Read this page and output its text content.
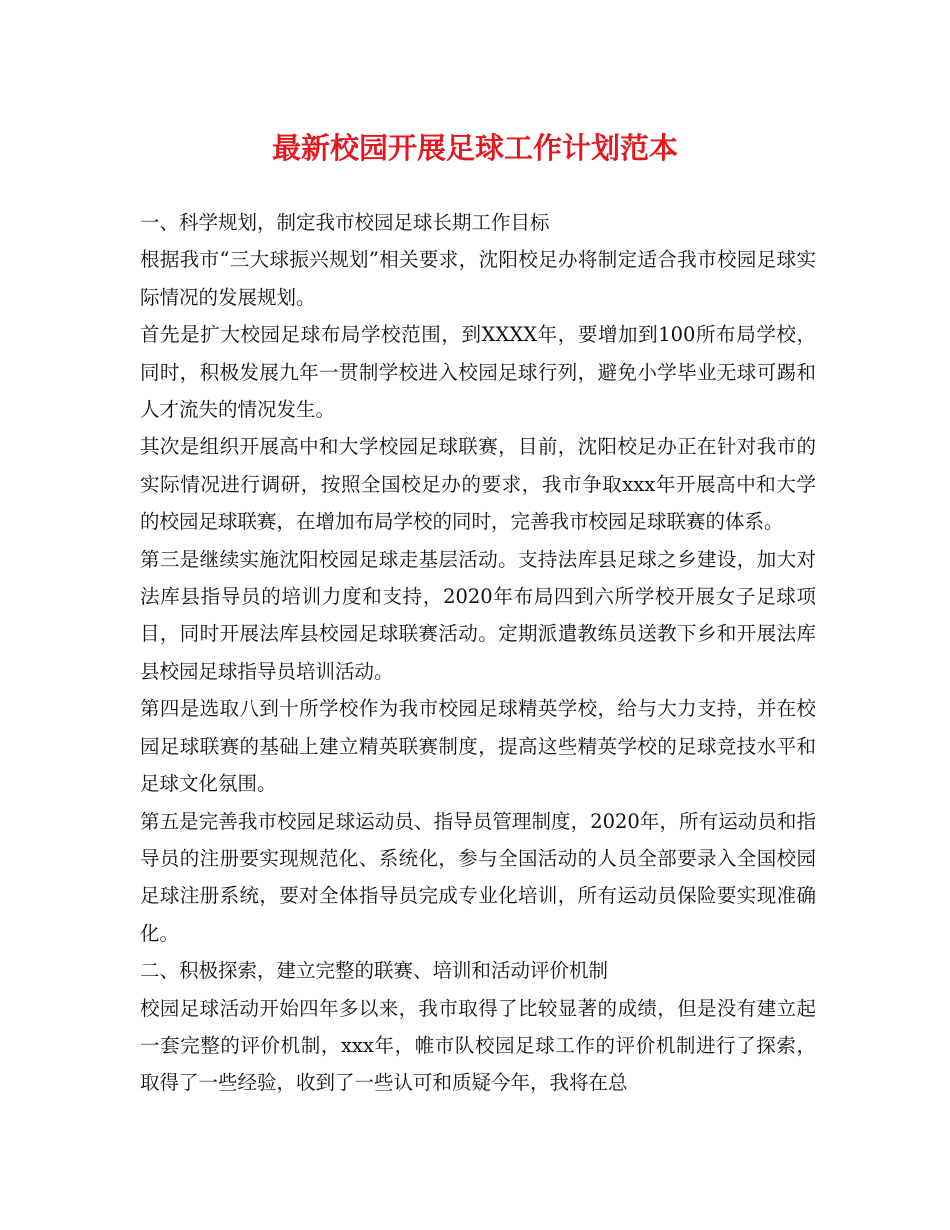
最新校园开展足球工作计划范本

一、科学规划，制定我市校园足球长期工作目标

根据我市“三大球振兴规划”相关要求，沈阳校足办将制定适合我市校园足球实际情况的发展规划。

首先是扩大校园足球布局学校范围，到XXXX年，要增加到100所布局学校，同时，积极发展九年一贯制学校进入校园足球行列，避免小学毕业无球可踢和人才流失的情况发生。

其次是组织开展高中和大学校园足球联赛，目前，沈阳校足办正在针对我市的实际情况进行调研，按照全国校足办的要求，我市争取xxx年开展高中和大学的校园足球联赛，在增加布局学校的同时，完善我市校园足球联赛的体系。

第三是继续实施沈阳校园足球走基层活动。支持法库县足球之乡建设，加大对法库县指导员的培训力度和支持，2020年布局四到六所学校开展女子足球项目，同时开展法库县校园足球联赛活动。定期派遣教练员送教下乡和开展法库县校园足球指导员培训活动。

第四是选取八到十所学校作为我市校园足球精英学校，给与大力支持，并在校园足球联赛的基础上建立精英联赛制度，提高这些精英学校的足球竞技水平和足球文化氛围。

第五是完善我市校园足球运动员、指导员管理制度，2020年，所有运动员和指导员的注册要实现规范化、系统化，参与全国活动的人员全部要录入全国校园足球注册系统，要对全体指导员完成专业化培训，所有运动员保险要实现准确化。

二、积极探索，建立完整的联赛、培训和活动评价机制

校园足球活动开始四年多以来，我市取得了比较显著的成绩，但是没有建立起一套完整的评价机制，xxx年，帷市队校园足球工作的评价机制进行了探索，取得了一些经验，收到了一些认可和质疑今年，我将在总
